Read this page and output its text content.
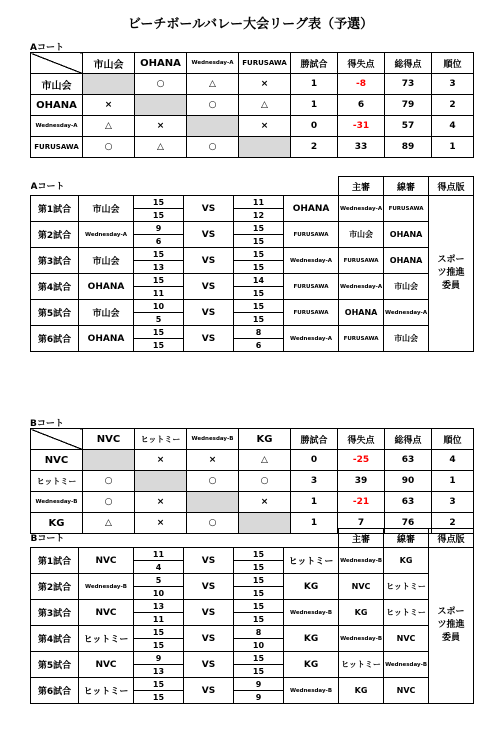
ビーチボールバレー大会リーグ表（予選）
Aコート
	市山会	OHANA	Wednesday-A	FURUSAWA	勝試合	得失点	総得点	順位
市山会		○	△	×	1	-8	73	3
OHANA	×		○	△	1	6	79	2
Wednesday-A	△	×		×	0	-31	57	4
FURUSAWA	○	△	○		2	33	89	1
Aコート						主審	線審	得点版
第1試合	市山会	15	VS	11	OHANA	Wednesday-A	FURUSAWA	スポーツ推進委員
		15		12				
第2試合	Wednesday-A	9	VS	15	FURUSAWA	市山会	OHANA	
		6		15				
第3試合	市山会	15	VS	15	Wednesday-A	FURUSAWA	OHANA	
		13		15				
第4試合	OHANA	15	VS	14	FURUSAWA	Wednesday-A	市山会	
		11		15				
第5試合	市山会	10	VS	15	FURUSAWA	OHANA	Wednesday-A	
		5		15				
第6試合	OHANA	15	VS	8	Wednesday-A	FURUSAWA	市山会	
		15		6				
Bコート
	NVC	ヒットミー	Wednesday-B	KG	勝試合	得失点	総得点	順位
NVC		×	×	△	0	-25	63	4
ヒットミー	○		○	○	3	39	90	1
Wednesday-B	○	×		×	1	-21	63	3
KG	△	×	○		1	7	76	2
Bコート						主審	線審	得点版
第1試合	NVC	11	VS	15	ヒットミー	Wednesday-B	KG	スポーツ推進委員
		4		15				
第2試合	Wednesday-B	5	VS	15	KG	NVC	ヒットミー	
		10		15				
第3試合	NVC	13	VS	15	Wednesday-B	KG	ヒットミー	
		11		15				
第4試合	ヒットミー	15	VS	8	KG	Wednesday-B	NVC	
		15		10				
第5試合	NVC	9	VS	15	KG	ヒットミー	Wednesday-B	
		13		15				
第6試合	ヒットミー	15	VS	9	Wednesday-B	KG	NVC	
		15		9				
